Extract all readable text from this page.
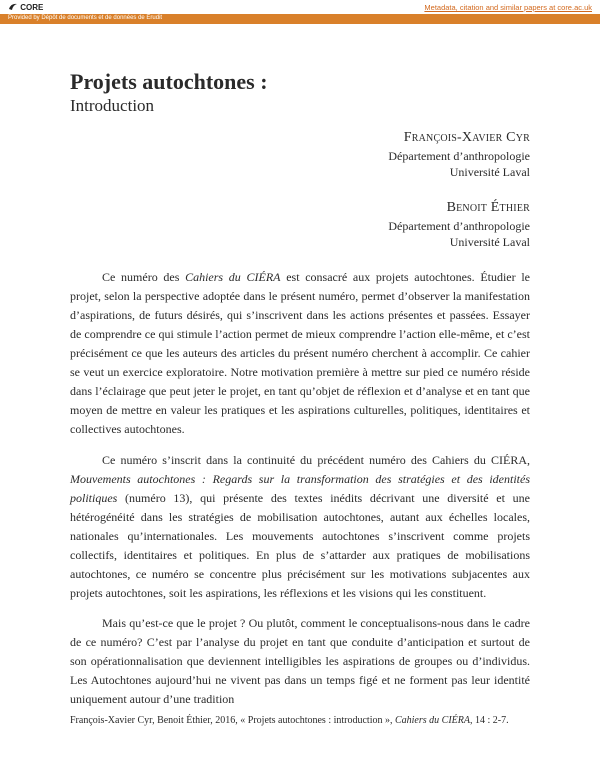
CORE	Metadata, citation and similar papers at core.ac.uk
Provided by Dépôt de documents et de données de Érudit
Projets autochtones :
Introduction
François-Xavier Cyr
Département d’anthropologie
Université Laval
Benoit Éthier
Département d’anthropologie
Université Laval
Ce numéro des Cahiers du CIÉRA est consacré aux projets autochtones. Étudier le projet, selon la perspective adoptée dans le présent numéro, permet d’observer la manifestation d’aspirations, de futurs désirés, qui s’inscrivent dans les actions présentes et passées. Essayer de comprendre ce qui stimule l’action permet de mieux comprendre l’action elle-même, et c’est précisément ce que les auteurs des articles du présent numéro cherchent à accomplir. Ce cahier se veut un exercice exploratoire. Notre motivation première à mettre sur pied ce numéro réside dans l’éclairage que peut jeter le projet, en tant qu’objet de réflexion et d’analyse et en tant que moyen de mettre en valeur les pratiques et les aspirations culturelles, politiques, identitaires et collectives autochtones.
Ce numéro s’inscrit dans la continuité du précédent numéro des Cahiers du CIÉRA, Mouvements autochtones : Regards sur la transformation des stratégies et des identités politiques (numéro 13), qui présente des textes inédits décrivant une diversité et une hétérogénéité dans les stratégies de mobilisation autochtones, autant aux échelles locales, nationales qu’internationales. Les mouvements autochtones s’inscrivent comme projets collectifs, identitaires et politiques. En plus de s’attarder aux pratiques de mobilisations autochtones, ce numéro se concentre plus précisément sur les motivations subjacentes aux projets autochtones, soit les aspirations, les réflexions et les visions qui les constituent.
Mais qu’est-ce que le projet ? Ou plutôt, comment le conceptualisons-nous dans le cadre de ce numéro? C’est par l’analyse du projet en tant que conduite d’anticipation et surtout de son opérationnalisation que deviennent intelligibles les aspirations de groupes ou d’individus. Les Autochtones aujourd’hui ne vivent pas dans un temps figé et ne forment pas leur identité uniquement autour d’une tradition
François-Xavier Cyr, Benoit Éthier, 2016, « Projets autochtones : introduction », Cahiers du CIÉRA, 14 : 2-7.
